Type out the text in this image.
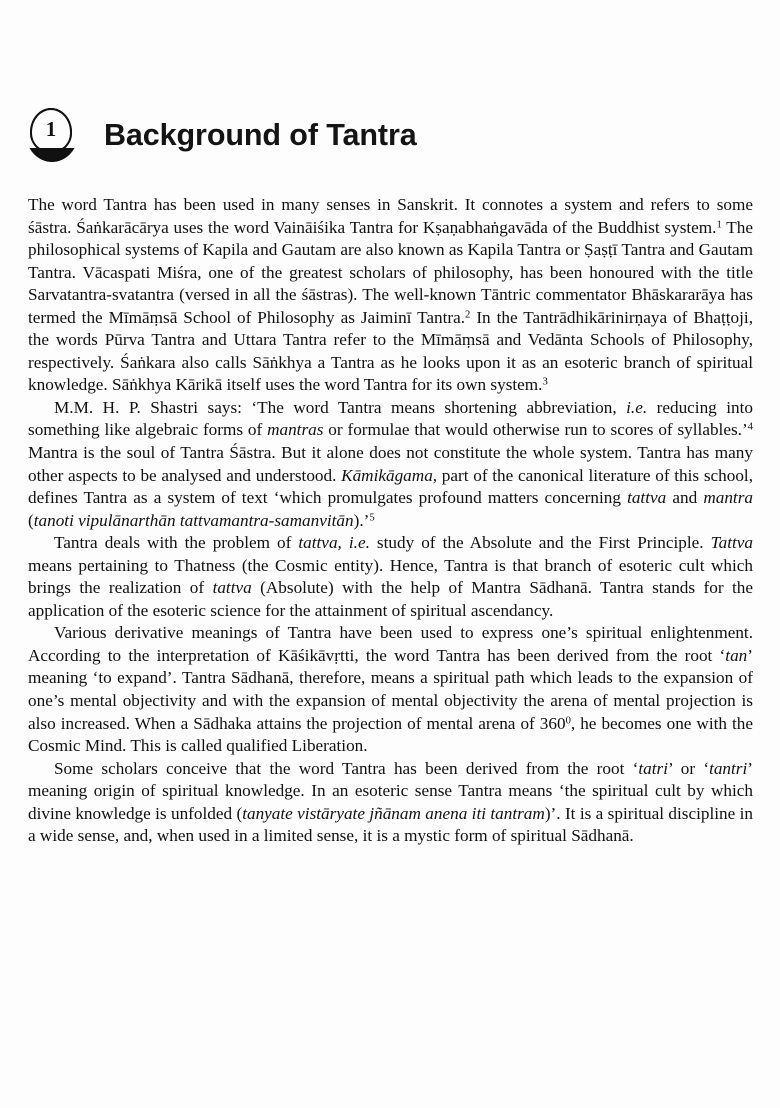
1	Background of Tantra

The word Tantra has been used in many senses in Sanskrit. It connotes a system and refers to some śāstra. Śaṅkarācārya uses the word Vaināiśika Tantra for Kṣaṇabhaṅgavāda of the Buddhist system.$^1$ The philosophical systems of Kapila and Gautam are also known as Kapila Tantra or Ṣaṣṭī Tantra and Gautam Tantra. Vācaspati Miśra, one of the greatest scholars of philosophy, has been honoured with the title Sarvatantra-svatantra (versed in all the śāstras). The well-known Tāntric commentator Bhāskararāya has termed the Mīmāṃsā School of Philosophy as Jaiminī Tantra.$^2$ In the Tantrādhikārinirṇaya of Bhaṭṭoji, the words Pūrva Tantra and Uttara Tantra refer to the Mīmāṃsā and Vedānta Schools of Philosophy, respectively. Śaṅkara also calls Sāṅkhya a Tantra as he looks upon it as an esoteric branch of spiritual knowledge. Sāṅkhya Kārikā itself uses the word Tantra for its own system.$^3$

M.M. H. P. Shastri says: ‘The word Tantra means shortening abbreviation, i.e. reducing into something like algebraic forms of mantras or formulae that would otherwise run to scores of syllables.’$^4$ Mantra is the soul of Tantra Śāstra. But it alone does not constitute the whole system. Tantra has many other aspects to be analysed and understood. Kāmikāgama, part of the canonical literature of this school, defines Tantra as a system of text ‘which promulgates profound matters concerning tattva and mantra (tanoti vipulānarthān tattvamantra-samanvitān).’$^5$

Tantra deals with the problem of tattva, i.e. study of the Absolute and the First Principle. Tattva means pertaining to Thatness (the Cosmic entity). Hence, Tantra is that branch of esoteric cult which brings the realization of tattva (Absolute) with the help of Mantra Sādhanā. Tantra stands for the application of the esoteric science for the attainment of spiritual ascendancy.

Various derivative meanings of Tantra have been used to express one’s spiritual enlightenment. According to the interpretation of Kāśikāvṛtti, the word Tantra has been derived from the root ‘tan’ meaning ‘to expand’. Tantra Sādhanā, therefore, means a spiritual path which leads to the expansion of one’s mental objectivity and with the expansion of mental objectivity the arena of mental projection is also increased. When a Sādhaka attains the projection of mental arena of $360^0$, he becomes one with the Cosmic Mind. This is called qualified Liberation.

Some scholars conceive that the word Tantra has been derived from the root ‘tatri’ or ‘tantri’ meaning origin of spiritual knowledge. In an esoteric sense Tantra means ‘the spiritual cult by which divine knowledge is unfolded (tanyate vistāryate jñānam anena iti tantram)’. It is a spiritual discipline in a wide sense, and, when used in a limited sense, it is a mystic form of spiritual Sādhanā.
